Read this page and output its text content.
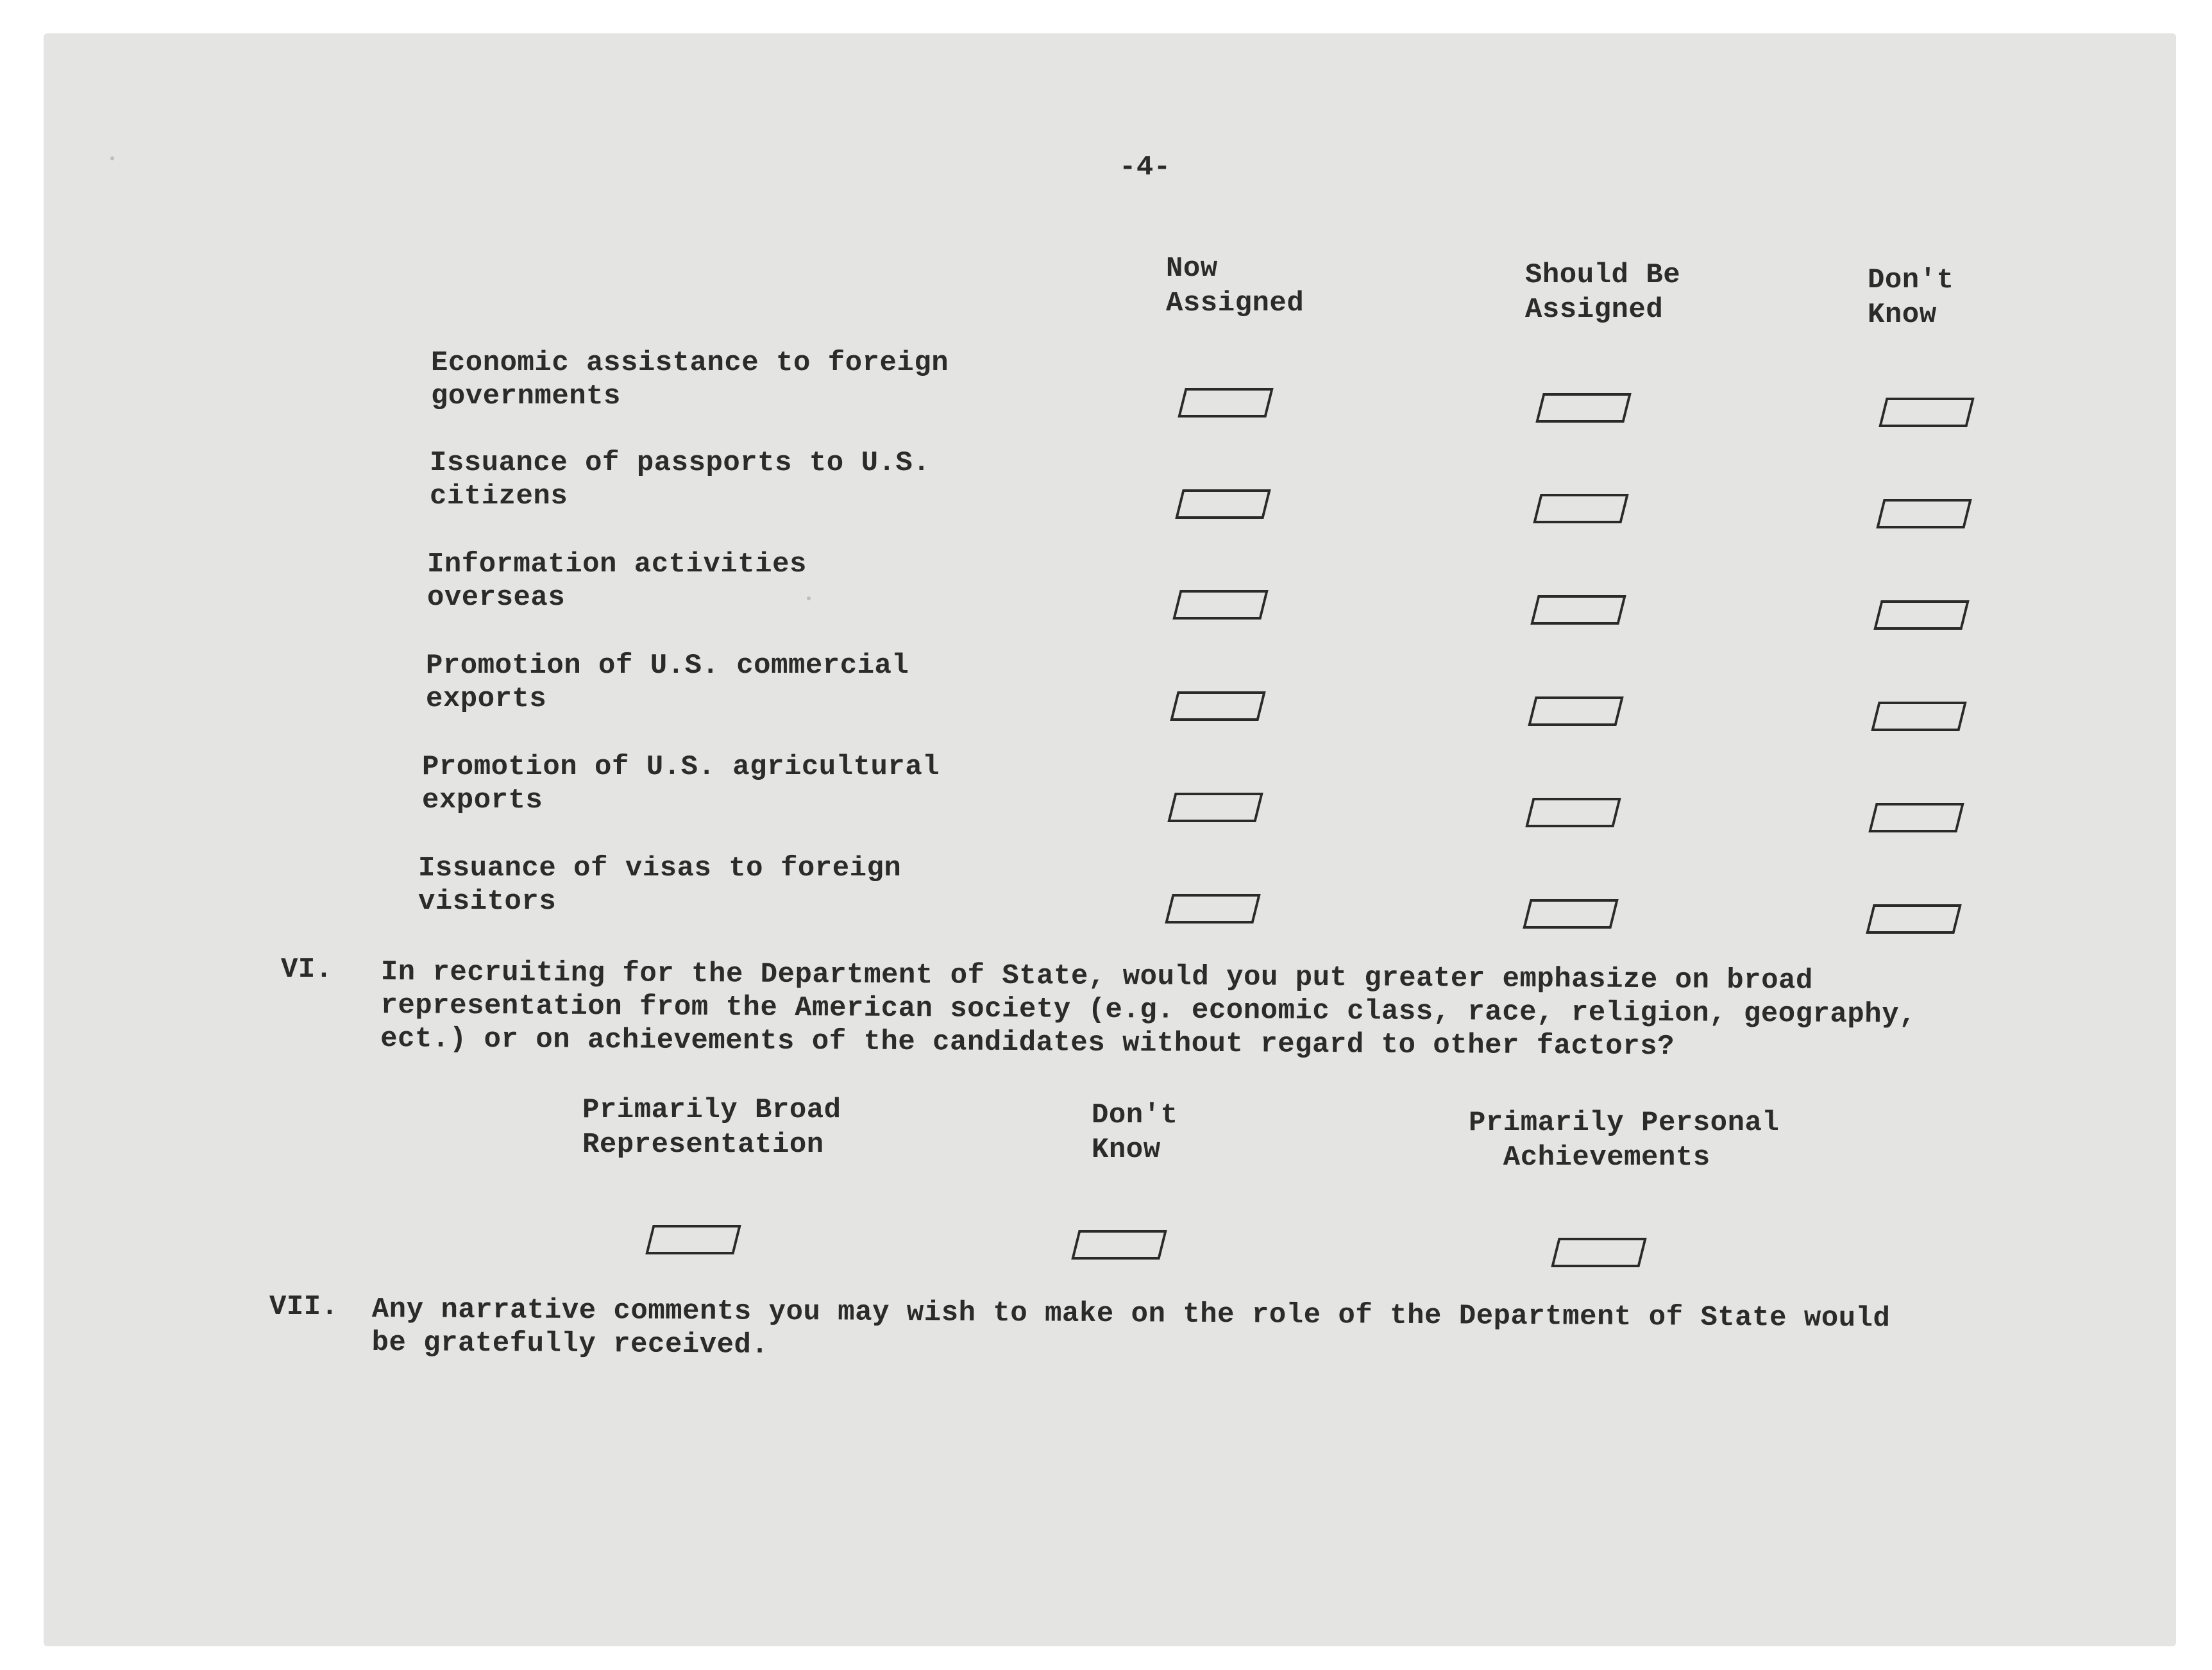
-4-
Now
Assigned
Should Be
Assigned
Don't
Know
Economic assistance to foreign
governments
Issuance of passports to U.S.
citizens
Information activities
overseas
Promotion of U.S. commercial
exports
Promotion of U.S. agricultural
exports
Issuance of visas to foreign
visitors
VI. In recruiting for the Department of State, would you put greater emphasize on broad
representation from the American society (e.g. economic class, race, religion, geography,
ect.) or on achievements of the candidates without regard to other factors?
Primarily Broad
Representation
Don't
Know
Primarily Personal
Achievements
VII. Any narrative comments you may wish to make on the role of the Department of State would
be gratefully received.
